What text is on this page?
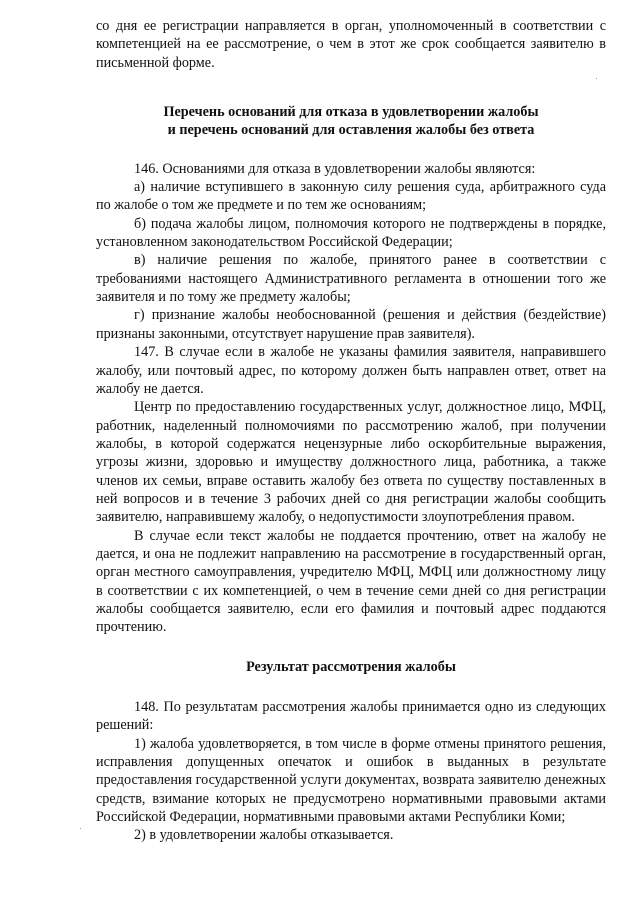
со дня ее регистрации направляется в орган, уполномоченный в соответствии с компетенцией на ее рассмотрение, о чем в этот же срок сообщается заявителю в письменной форме.

Перечень оснований для отказа в удовлетворении жалобы
и перечень оснований для оставления жалобы без ответа

146. Основаниями для отказа в удовлетворении жалобы являются:

а) наличие вступившего в законную силу решения суда, арбитражного суда по жалобе о том же предмете и по тем же основаниям;

б) подача жалобы лицом, полномочия которого не подтверждены в порядке, установленном законодательством Российской Федерации;

в) наличие решения по жалобе, принятого ранее в соответствии с требованиями настоящего Административного регламента в отношении того же заявителя и по тому же предмету жалобы;

г) признание жалобы необоснованной (решения и действия (бездействие) признаны законными, отсутствует нарушение прав заявителя).

147. В случае если в жалобе не указаны фамилия заявителя, направившего жалобу, или почтовый адрес, по которому должен быть направлен ответ, ответ на жалобу не дается.

Центр по предоставлению государственных услуг, должностное лицо, МФЦ, работник, наделенный полномочиями по рассмотрению жалоб, при получении жалобы, в которой содержатся нецензурные либо оскорбительные выражения, угрозы жизни, здоровью и имуществу должностного лица, работника, а также членов их семьи, вправе оставить жалобу без ответа по существу поставленных в ней вопросов и в течение 3 рабочих дней со дня регистрации жалобы сообщить заявителю, направившему жалобу, о недопустимости злоупотребления правом.

В случае если текст жалобы не поддается прочтению, ответ на жалобу не дается, и она не подлежит направлению на рассмотрение в государственный орган, орган местного самоуправления, учредителю МФЦ, МФЦ или должностному лицу в соответствии с их компетенцией, о чем в течение семи дней со дня регистрации жалобы сообщается заявителю, если его фамилия и почтовый адрес поддаются прочтению.

Результат рассмотрения жалобы

148. По результатам рассмотрения жалобы принимается одно из следующих решений:

1) жалоба удовлетворяется, в том числе в форме отмены принятого решения, исправления допущенных опечаток и ошибок в выданных в результате предоставления государственной услуги документах, возврата заявителю денежных средств, взимание которых не предусмотрено нормативными правовыми актами Российской Федерации, нормативными правовыми актами Республики Коми;

2) в удовлетворении жалобы отказывается.
